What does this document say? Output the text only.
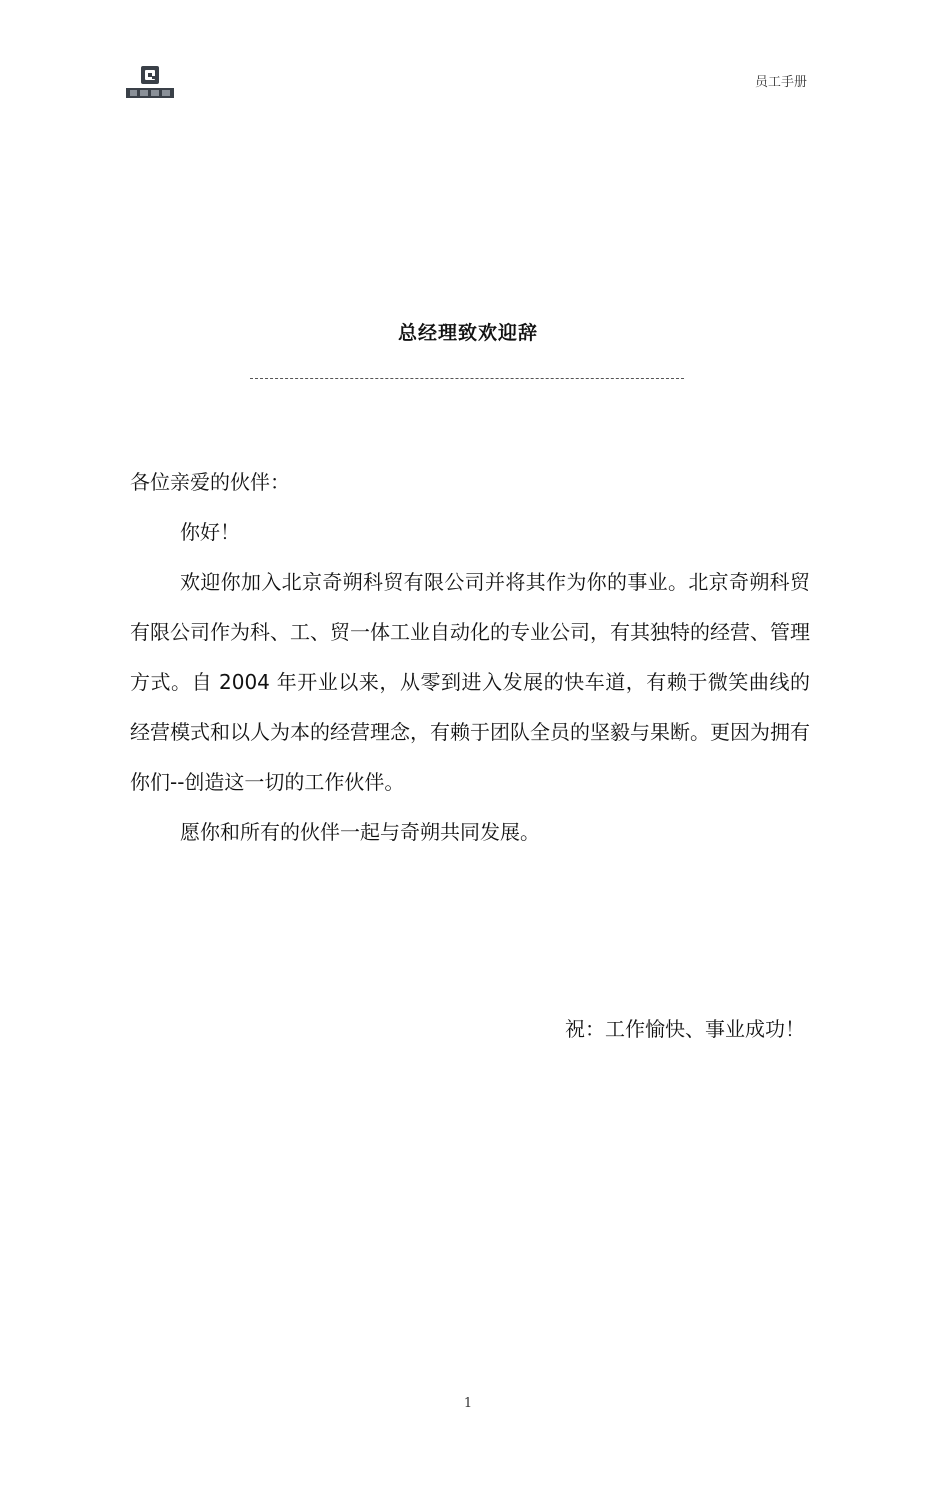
员工手册
总经理致欢迎辞

各位亲爱的伙伴：

你好！

欢迎你加入北京奇朔科贸有限公司并将其作为你的事业。北京奇朔科贸有限公司作为科、工、贸一体工业自动化的专业公司，有其独特的经营、管理方式。自 2004 年开业以来，从零到进入发展的快车道，有赖于微笑曲线的经营模式和以人为本的经营理念，有赖于团队全员的坚毅与果断。更因为拥有你们--创造这一切的工作伙伴。

愿你和所有的伙伴一起与奇朔共同发展。

祝：工作愉快、事业成功！
1
